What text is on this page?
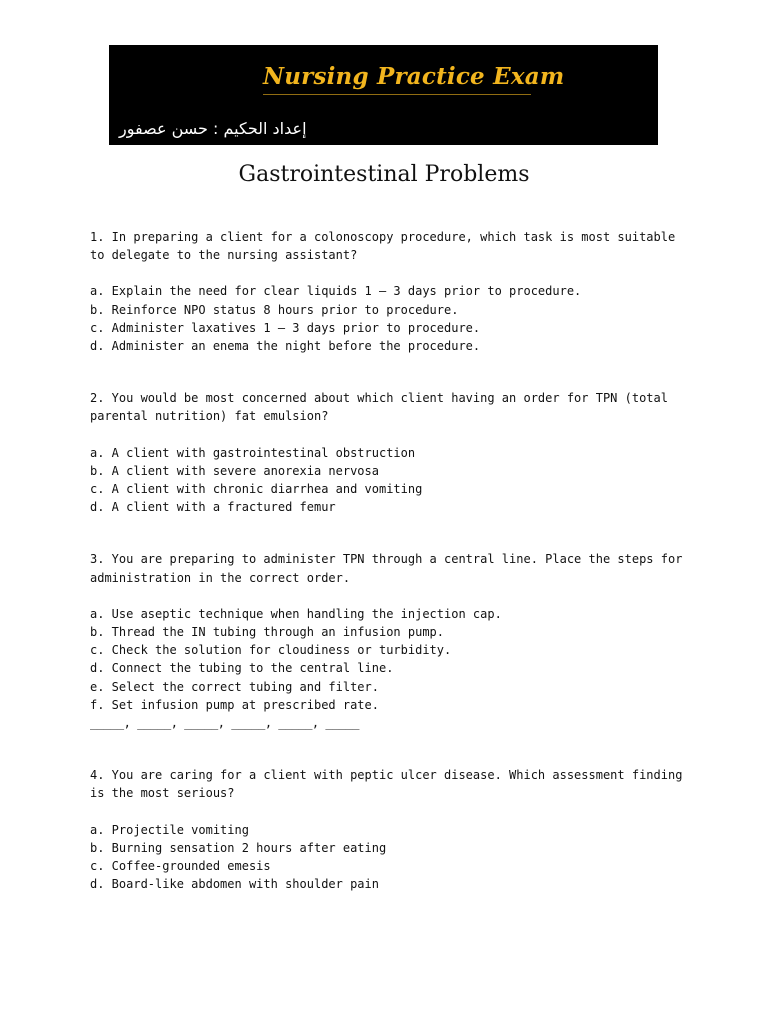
Nursing Practice Exam
إعداد الحكيم : حسن عصفور
Gastrointestinal Problems
1. In preparing a client for a colonoscopy procedure, which task is most suitable to delegate to the nursing assistant?
a. Explain the need for clear liquids 1 – 3 days prior to procedure.
b. Reinforce NPO status 8 hours prior to procedure.
c. Administer laxatives 1 – 3 days prior to procedure.
d. Administer an enema the night before the procedure.
2. You would be most concerned about which client having an order for TPN (total parental nutrition) fat emulsion?
a. A client with gastrointestinal obstruction
b. A client with severe anorexia nervosa
c. A client with chronic diarrhea and vomiting
d. A client with a fractured femur
3. You are preparing to administer TPN through a central line. Place the steps for administration in the correct order.
a. Use aseptic technique when handling the injection cap.
b. Thread the IN tubing through an infusion pump.
c. Check the solution for cloudiness or turbidity.
d. Connect the tubing to the central line.
e. Select the correct tubing and filter.
f. Set infusion pump at prescribed rate.
_____, _____, _____, _____, _____, _____
4. You are caring for a client with peptic ulcer disease. Which assessment finding is the most serious?
a. Projectile vomiting
b. Burning sensation 2 hours after eating
c. Coffee-grounded emesis
d. Board-like abdomen with shoulder pain
